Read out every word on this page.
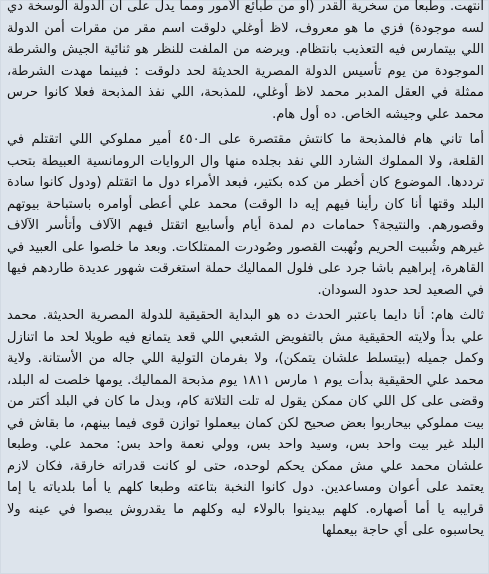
انتهت. وطبعا من سخرية القدر (أو من طبائع الأمور ومما يدل على أن الدولة الوسخة دي لسه موجودة) فزي ما هو معروف، لاظ أوغلي دلوقت اسم مقر من مقرات أمن الدولة اللي بيتمارس فيه التعذيب بانتظام. ويرضه من الملفت للنظر هو ثنائية الجيش والشرطة الموجودة من يوم تأسيس الدولة المصرية الحديثة لحد دلوقت : فبينما مهدت الشرطة، ممثلة في العقل المدبر محمد لاظ أوغلي، للمذبحة، اللي نفذ المذبحة فعلا كانوا حرس محمد علي وجيشه الخاص. ده أول هام.

أما تاني هام فالمذبحة ما كانتش مقتصرة على الـ٤٥٠ أمير مملوكي اللي اتقتلم في القلعة، ولا المملوك الشارد اللي نفد بجلده منها وال الروايات الرومانسية العبيطة بتحب ترددها. الموضوع كان أخطر من كده بكتير، فبعد الأمراء دول ما اتقتلم (ودول كانوا سادة البلد وقتها أنا كان رأينا فيهم إيه دا الوقت) محمد علي أعطى أوامره باستباحة بيوتهم وقصورهم. والنتيجة؟ حمامات دم لمدة أيام وأسابيع اتقتل فيهم الآلاف وأتأسر الآلاف غيرهم وشُبيت الحريم ونُهبت القصور وصُودرت الممتلكات. وبعد ما خلصوا على العبيد في القاهرة، إبراهيم باشا جرد على فلول المماليك حملة استغرقت شهور عديدة طاردهم فيها في الصعيد لحد حدود السودان.

ثالث هام: أنا دايما باعتبر الحدث ده هو البداية الحقيقية للدولة المصرية الحديثة. محمد علي بدأ ولايته الحقيقية مش بالتفويض الشعبي اللي قعد يتمانع فيه طويلا لحد ما اتنازل وكمل جميله (بيتسلط علشان يتمكن)، ولا بفرمان التولية اللي جاله من الأستانة. ولاية محمد علي الحقيقية بدأت يوم ١ مارس ١٨١١ يوم مذبحة المماليك. يومها خلصت له البلد، وقضى على كل اللي كان ممكن يقول له تلت التلاتة كام، وبدل ما كان في البلد أكتر من بيت مملوكي بيحاربوا بعض صحيح لكن كمان بيعملوا توازن قوى فيما بينهم، ما بقاش في البلد غير بيت واحد بس، وسيد واحد بس، وولي نعمة واحد بس: محمد علي. وطبعا علشان محمد علي مش ممكن يحكم لوحده، حتى لو كانت قدراته خارقة، فكان لازم يعتمد على أعوان ومساعدين. دول كانوا النخبة بتاعته وطبعا كلهم يا أما بلدياته يا إما قرايبه يا أما أصهاره. كلهم بيدينوا بالولاء ليه وكلهم ما يقدروش يبصوا في عينه ولا يحاسبوه على أي حاجة بيعملها
